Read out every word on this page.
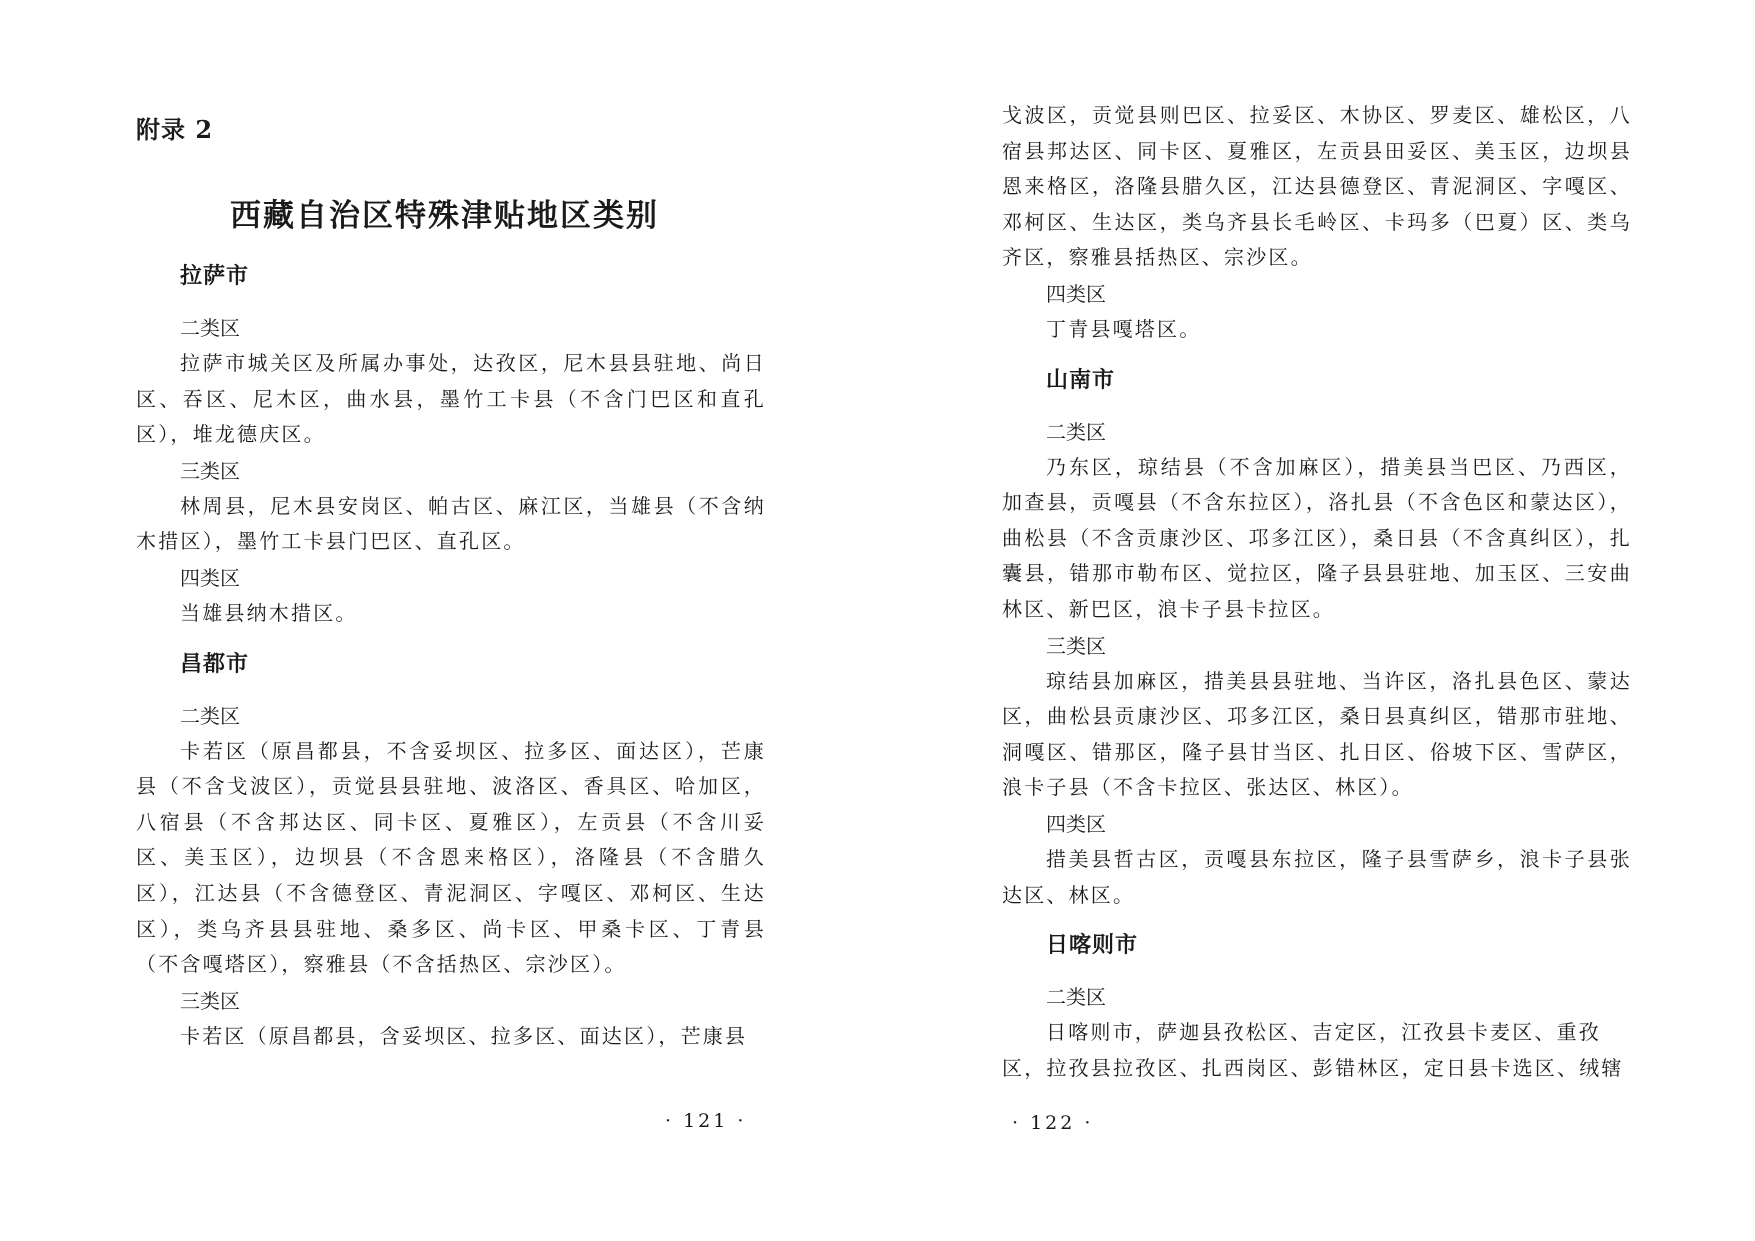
附录 2
西藏自治区特殊津贴地区类别
拉萨市
二类区

拉萨市城关区及所属办事处，达孜区，尼木县县驻地、尚日区、吞区、尼木区，曲水县，墨竹工卡县（不含门巴区和直孔区），堆龙德庆区。

三类区

林周县，尼木县安岗区、帕古区、麻江区，当雄县（不含纳木措区），墨竹工卡县门巴区、直孔区。

四类区

当雄县纳木措区。

昌都市
二类区

卡若区（原昌都县，不含妥坝区、拉多区、面达区），芒康县（不含戈波区），贡觉县县驻地、波洛区、香具区、哈加区，八宿县（不含邦达区、同卡区、夏雅区），左贡县（不含川妥区、美玉区），边坝县（不含恩来格区），洛隆县（不含腊久区），江达县（不含德登区、青泥洞区、字嘎区、邓柯区、生达区），类乌齐县县驻地、桑多区、尚卡区、甲桑卡区、丁青县（不含嘎塔区），察雅县（不含括热区、宗沙区）。

三类区

卡若区（原昌都县，含妥坝区、拉多区、面达区），芒康县

· 121 ·

戈波区，贡觉县则巴区、拉妥区、木协区、罗麦区、雄松区，八宿县邦达区、同卡区、夏雅区，左贡县田妥区、美玉区，边坝县恩来格区，洛隆县腊久区，江达县德登区、青泥洞区、字嘎区、邓柯区、生达区，类乌齐县长毛岭区、卡玛多（巴夏）区、类乌齐区，察雅县括热区、宗沙区。

四类区

丁青县嘎塔区。

山南市
二类区

乃东区，琼结县（不含加麻区），措美县当巴区、乃西区，加查县，贡嘎县（不含东拉区），洛扎县（不含色区和蒙达区），曲松县（不含贡康沙区、邛多江区），桑日县（不含真纠区），扎囊县，错那市勒布区、觉拉区，隆子县县驻地、加玉区、三安曲林区、新巴区，浪卡子县卡拉区。

三类区

琼结县加麻区，措美县县驻地、当许区，洛扎县色区、蒙达区，曲松县贡康沙区、邛多江区，桑日县真纠区，错那市驻地、洞嘎区、错那区，隆子县甘当区、扎日区、俗坡下区、雪萨区，浪卡子县（不含卡拉区、张达区、林区）。

四类区

措美县哲古区，贡嘎县东拉区，隆子县雪萨乡，浪卡子县张达区、林区。

日喀则市
二类区

日喀则市，萨迦县孜松区、吉定区，江孜县卡麦区、重孜区，拉孜县拉孜区、扎西岗区、彭错林区，定日县卡选区、绒辖

· 122 ·
